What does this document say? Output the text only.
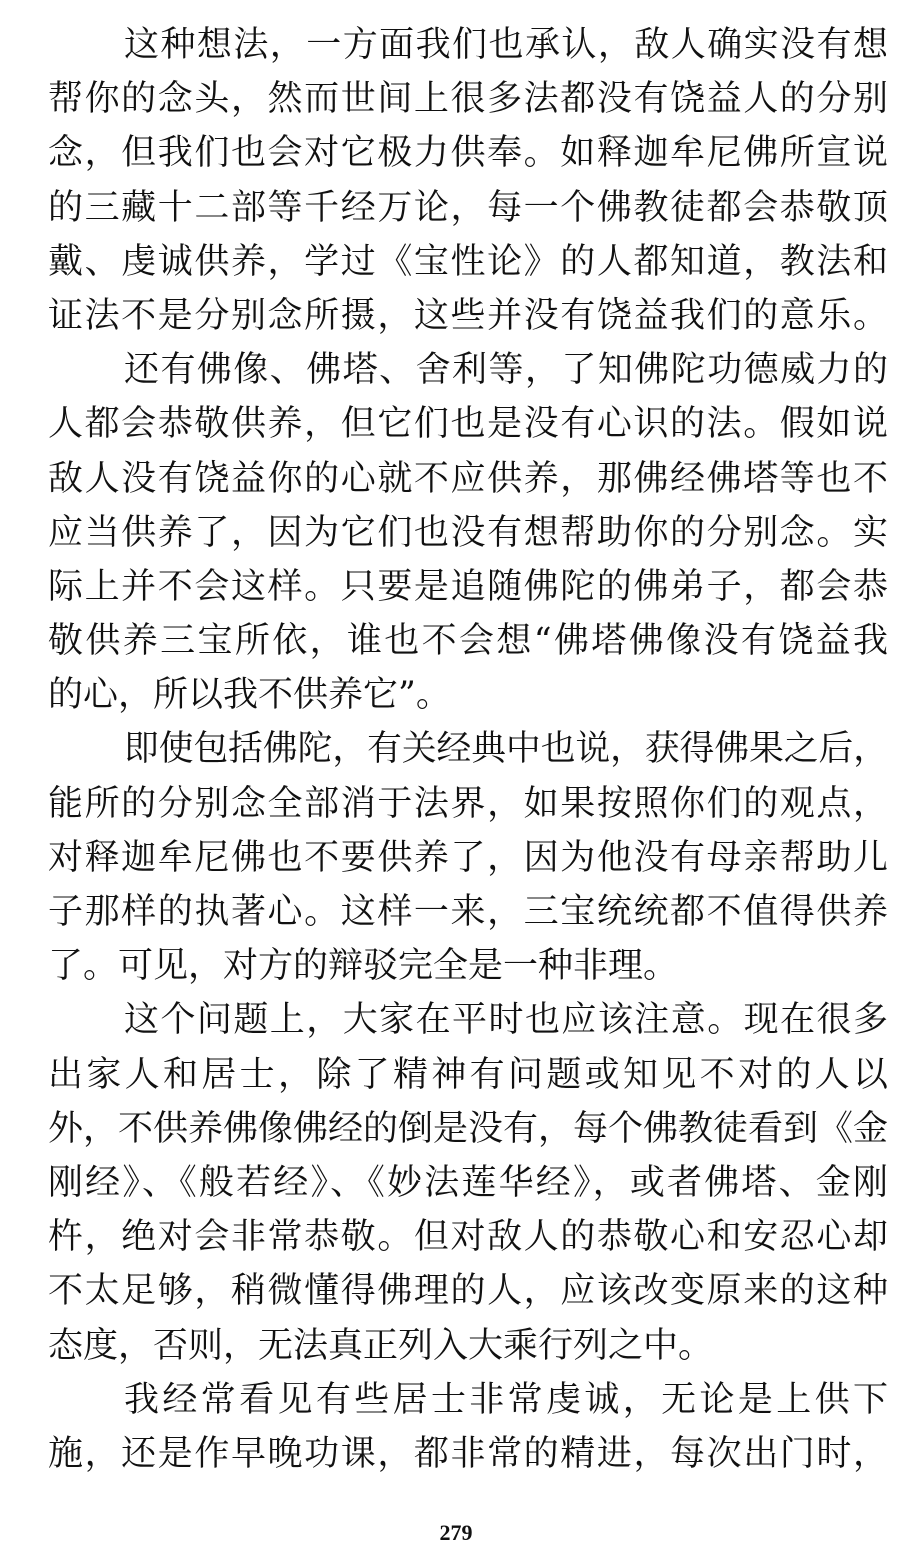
这种想法，一方面我们也承认，敌人确实没有想
帮你的念头，然而世间上很多法都没有饶益人的分别
念，但我们也会对它极力供奉。如释迦牟尼佛所宣说
的三藏十二部等千经万论，每一个佛教徒都会恭敬顶
戴、虔诚供养，学过《宝性论》的人都知道，教法和
证法不是分别念所摄，这些并没有饶益我们的意乐。
还有佛像、佛塔、舍利等，了知佛陀功德威力的
人都会恭敬供养，但它们也是没有心识的法。假如说
敌人没有饶益你的心就不应供养，那佛经佛塔等也不
应当供养了，因为它们也没有想帮助你的分别念。实
际上并不会这样。只要是追随佛陀的佛弟子，都会恭
敬供养三宝所依，谁也不会想“佛塔佛像没有饶益我
的心，所以我不供养它”。
即使包括佛陀，有关经典中也说，获得佛果之后，
能所的分别念全部消于法界，如果按照你们的观点，
对释迦牟尼佛也不要供养了，因为他没有母亲帮助儿
子那样的执著心。这样一来，三宝统统都不值得供养
了。可见，对方的辩驳完全是一种非理。
这个问题上，大家在平时也应该注意。现在很多
出家人和居士，除了精神有问题或知见不对的人以
外，不供养佛像佛经的倒是没有，每个佛教徒看到《金
刚经》、《般若经》、《妙法莲华经》，或者佛塔、金刚
杵，绝对会非常恭敬。但对敌人的恭敬心和安忍心却
不太足够，稍微懂得佛理的人，应该改变原来的这种
态度，否则，无法真正列入大乘行列之中。
我经常看见有些居士非常虔诚，无论是上供下
施，还是作早晚功课，都非常的精进，每次出门时，
279
